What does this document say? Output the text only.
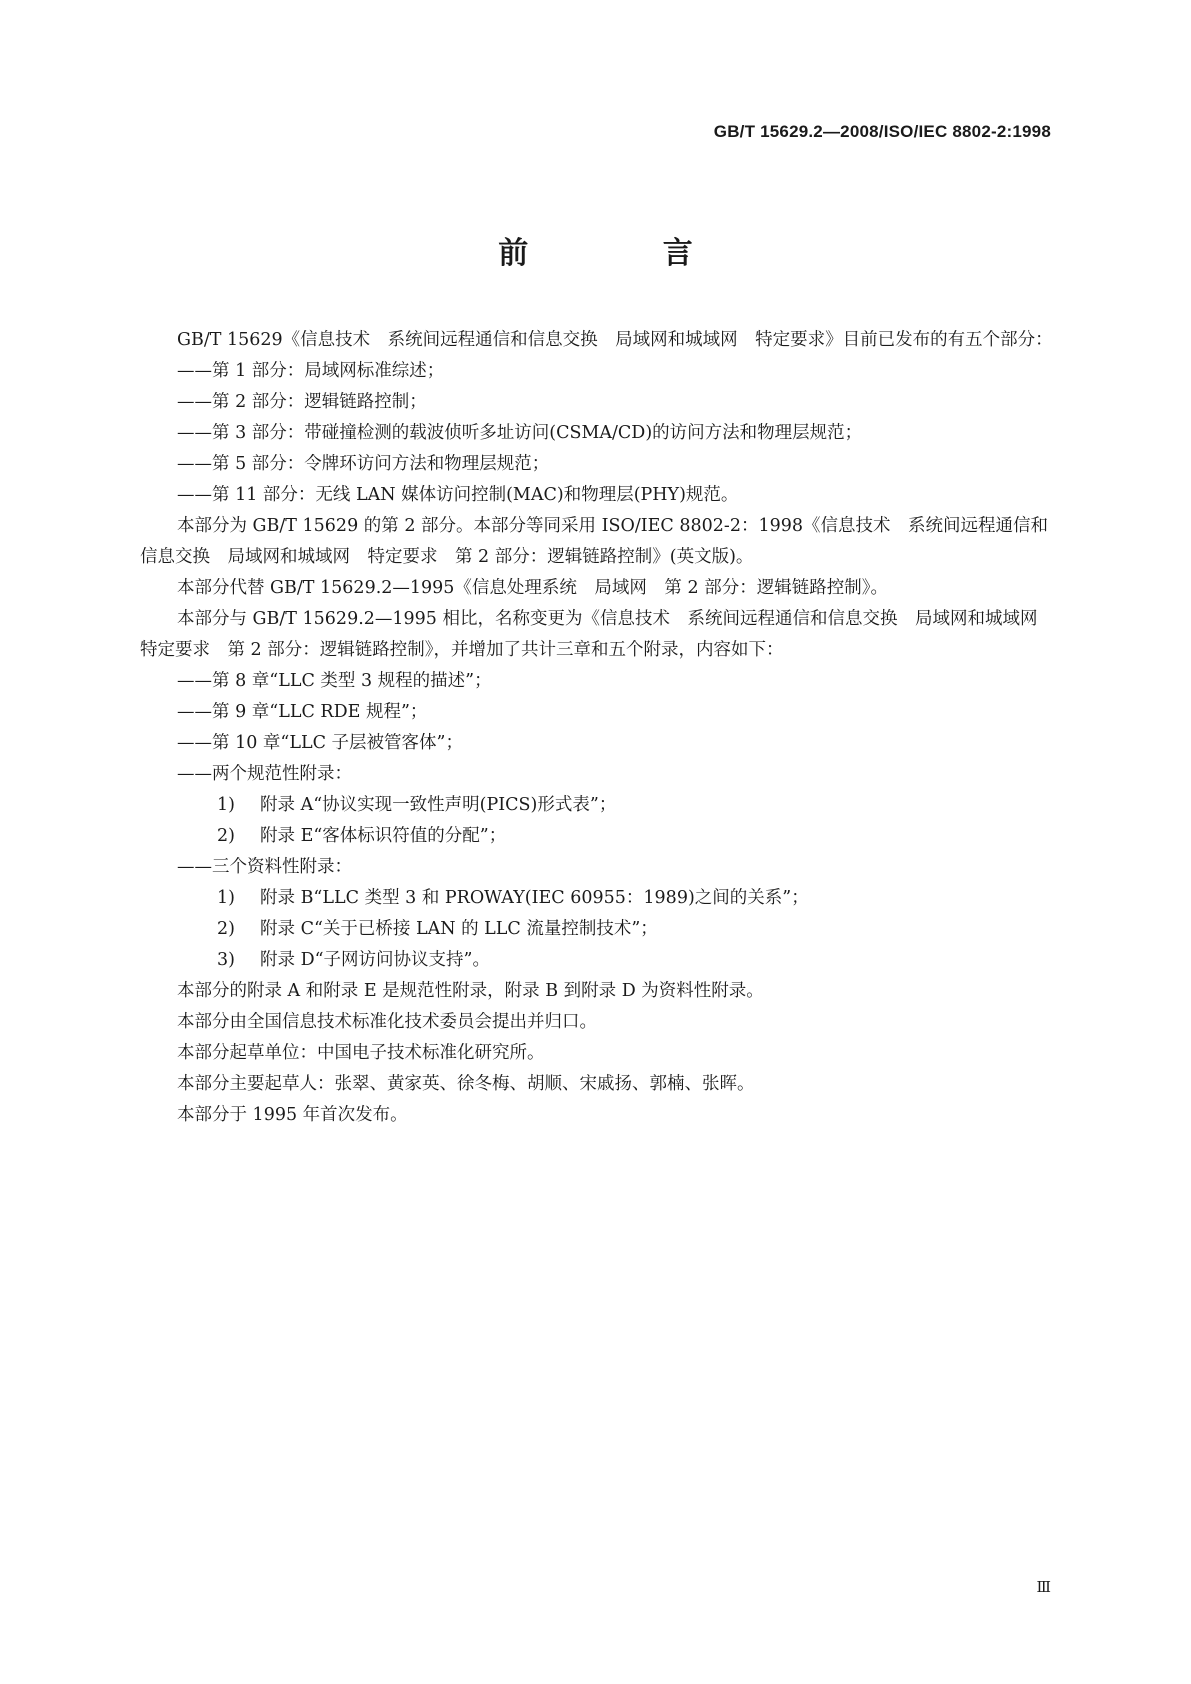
GB/T 15629.2—2008/ISO/IEC 8802-2:1998
前 言

GB/T 15629《信息技术　系统间远程通信和信息交换　局域网和城域网　特定要求》目前已发布的有五个部分：

——第 1 部分：局域网标准综述；

——第 2 部分：逻辑链路控制；

——第 3 部分：带碰撞检测的载波侦听多址访问(CSMA/CD)的访问方法和物理层规范；

——第 5 部分：令牌环访问方法和物理层规范；

——第 11 部分：无线 LAN 媒体访问控制(MAC)和物理层(PHY)规范。

本部分为 GB/T 15629 的第 2 部分。本部分等同采用 ISO/IEC 8802-2：1998《信息技术　系统间远程通信和信息交换　局域网和城域网　特定要求　第 2 部分：逻辑链路控制》(英文版)。

本部分代替 GB/T 15629.2—1995《信息处理系统　局域网　第 2 部分：逻辑链路控制》。

本部分与 GB/T 15629.2—1995 相比，名称变更为《信息技术　系统间远程通信和信息交换　局域网和城域网　特定要求　第 2 部分：逻辑链路控制》，并增加了共计三章和五个附录，内容如下：

——第 8 章“LLC 类型 3 规程的描述”；

——第 9 章“LLC RDE 规程”；

——第 10 章“LLC 子层被管客体”；

——两个规范性附录：

1) 附录 A“协议实现一致性声明(PICS)形式表”；

2) 附录 E“客体标识符值的分配”；

——三个资料性附录：

1) 附录 B“LLC 类型 3 和 PROWAY(IEC 60955：1989)之间的关系”；

2) 附录 C“关于已桥接 LAN 的 LLC 流量控制技术”；

3) 附录 D“子网访问协议支持”。

本部分的附录 A 和附录 E 是规范性附录，附录 B 到附录 D 为资料性附录。

本部分由全国信息技术标准化技术委员会提出并归口。

本部分起草单位：中国电子技术标准化研究所。

本部分主要起草人：张翠、黄家英、徐冬梅、胡顺、宋戚扬、郭楠、张晖。

本部分于 1995 年首次发布。

Ⅲ
